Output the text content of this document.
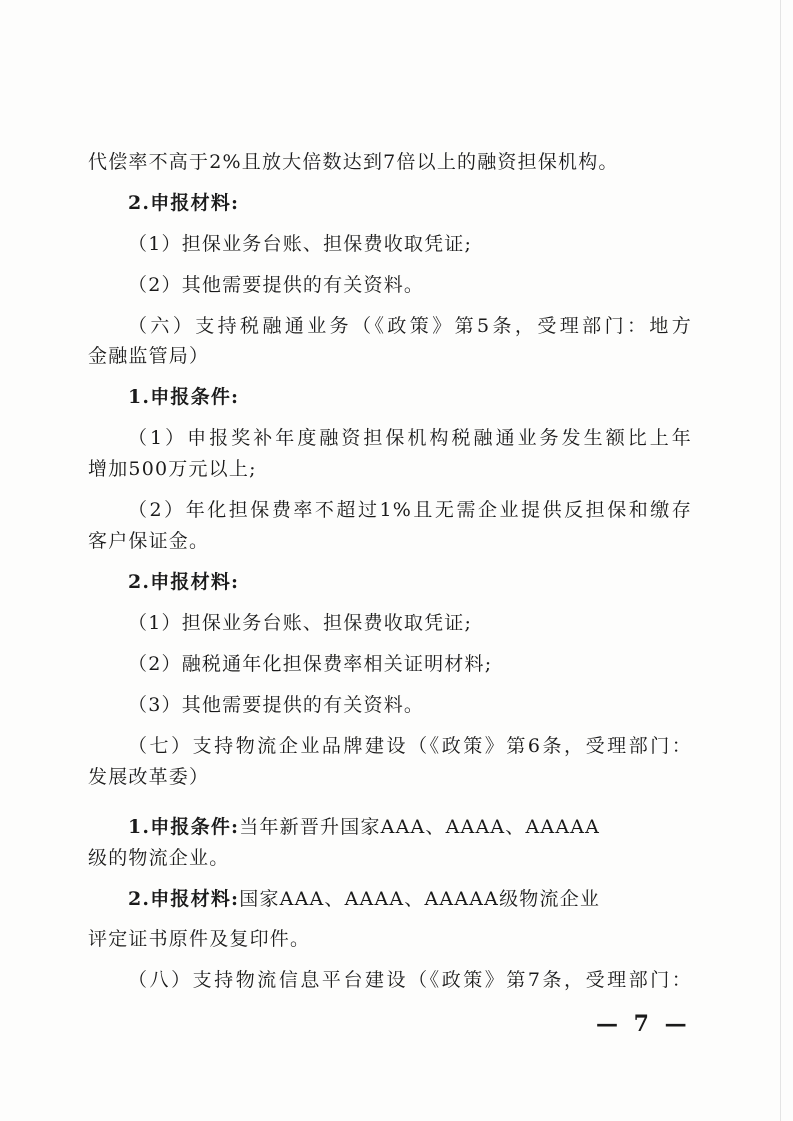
代偿率不高于2%且放大倍数达到7倍以上的融资担保机构。
2.申报材料:
（1）担保业务台账、担保费收取凭证;
（2）其他需要提供的有关资料。
（六）支持税融通业务（《政策》第5条，受理部门：地方
金融监管局）
1.申报条件:
（1）申报奖补年度融资担保机构税融通业务发生额比上年
增加500万元以上;
（2）年化担保费率不超过1%且无需企业提供反担保和缴存
客户保证金。
2.申报材料:
（1）担保业务台账、担保费收取凭证;
（2）融税通年化担保费率相关证明材料;
（3）其他需要提供的有关资料。
（七）支持物流企业品牌建设（《政策》第6条，受理部门：
发展改革委）
1.申报条件:当年新晋升国家AAA、AAAA、AAAAA
级的物流企业。
2.申报材料:国家AAA、AAAA、AAAAA级物流企业
评定证书原件及复印件。
（八）支持物流信息平台建设（《政策》第7条，受理部门：
— 7 —
